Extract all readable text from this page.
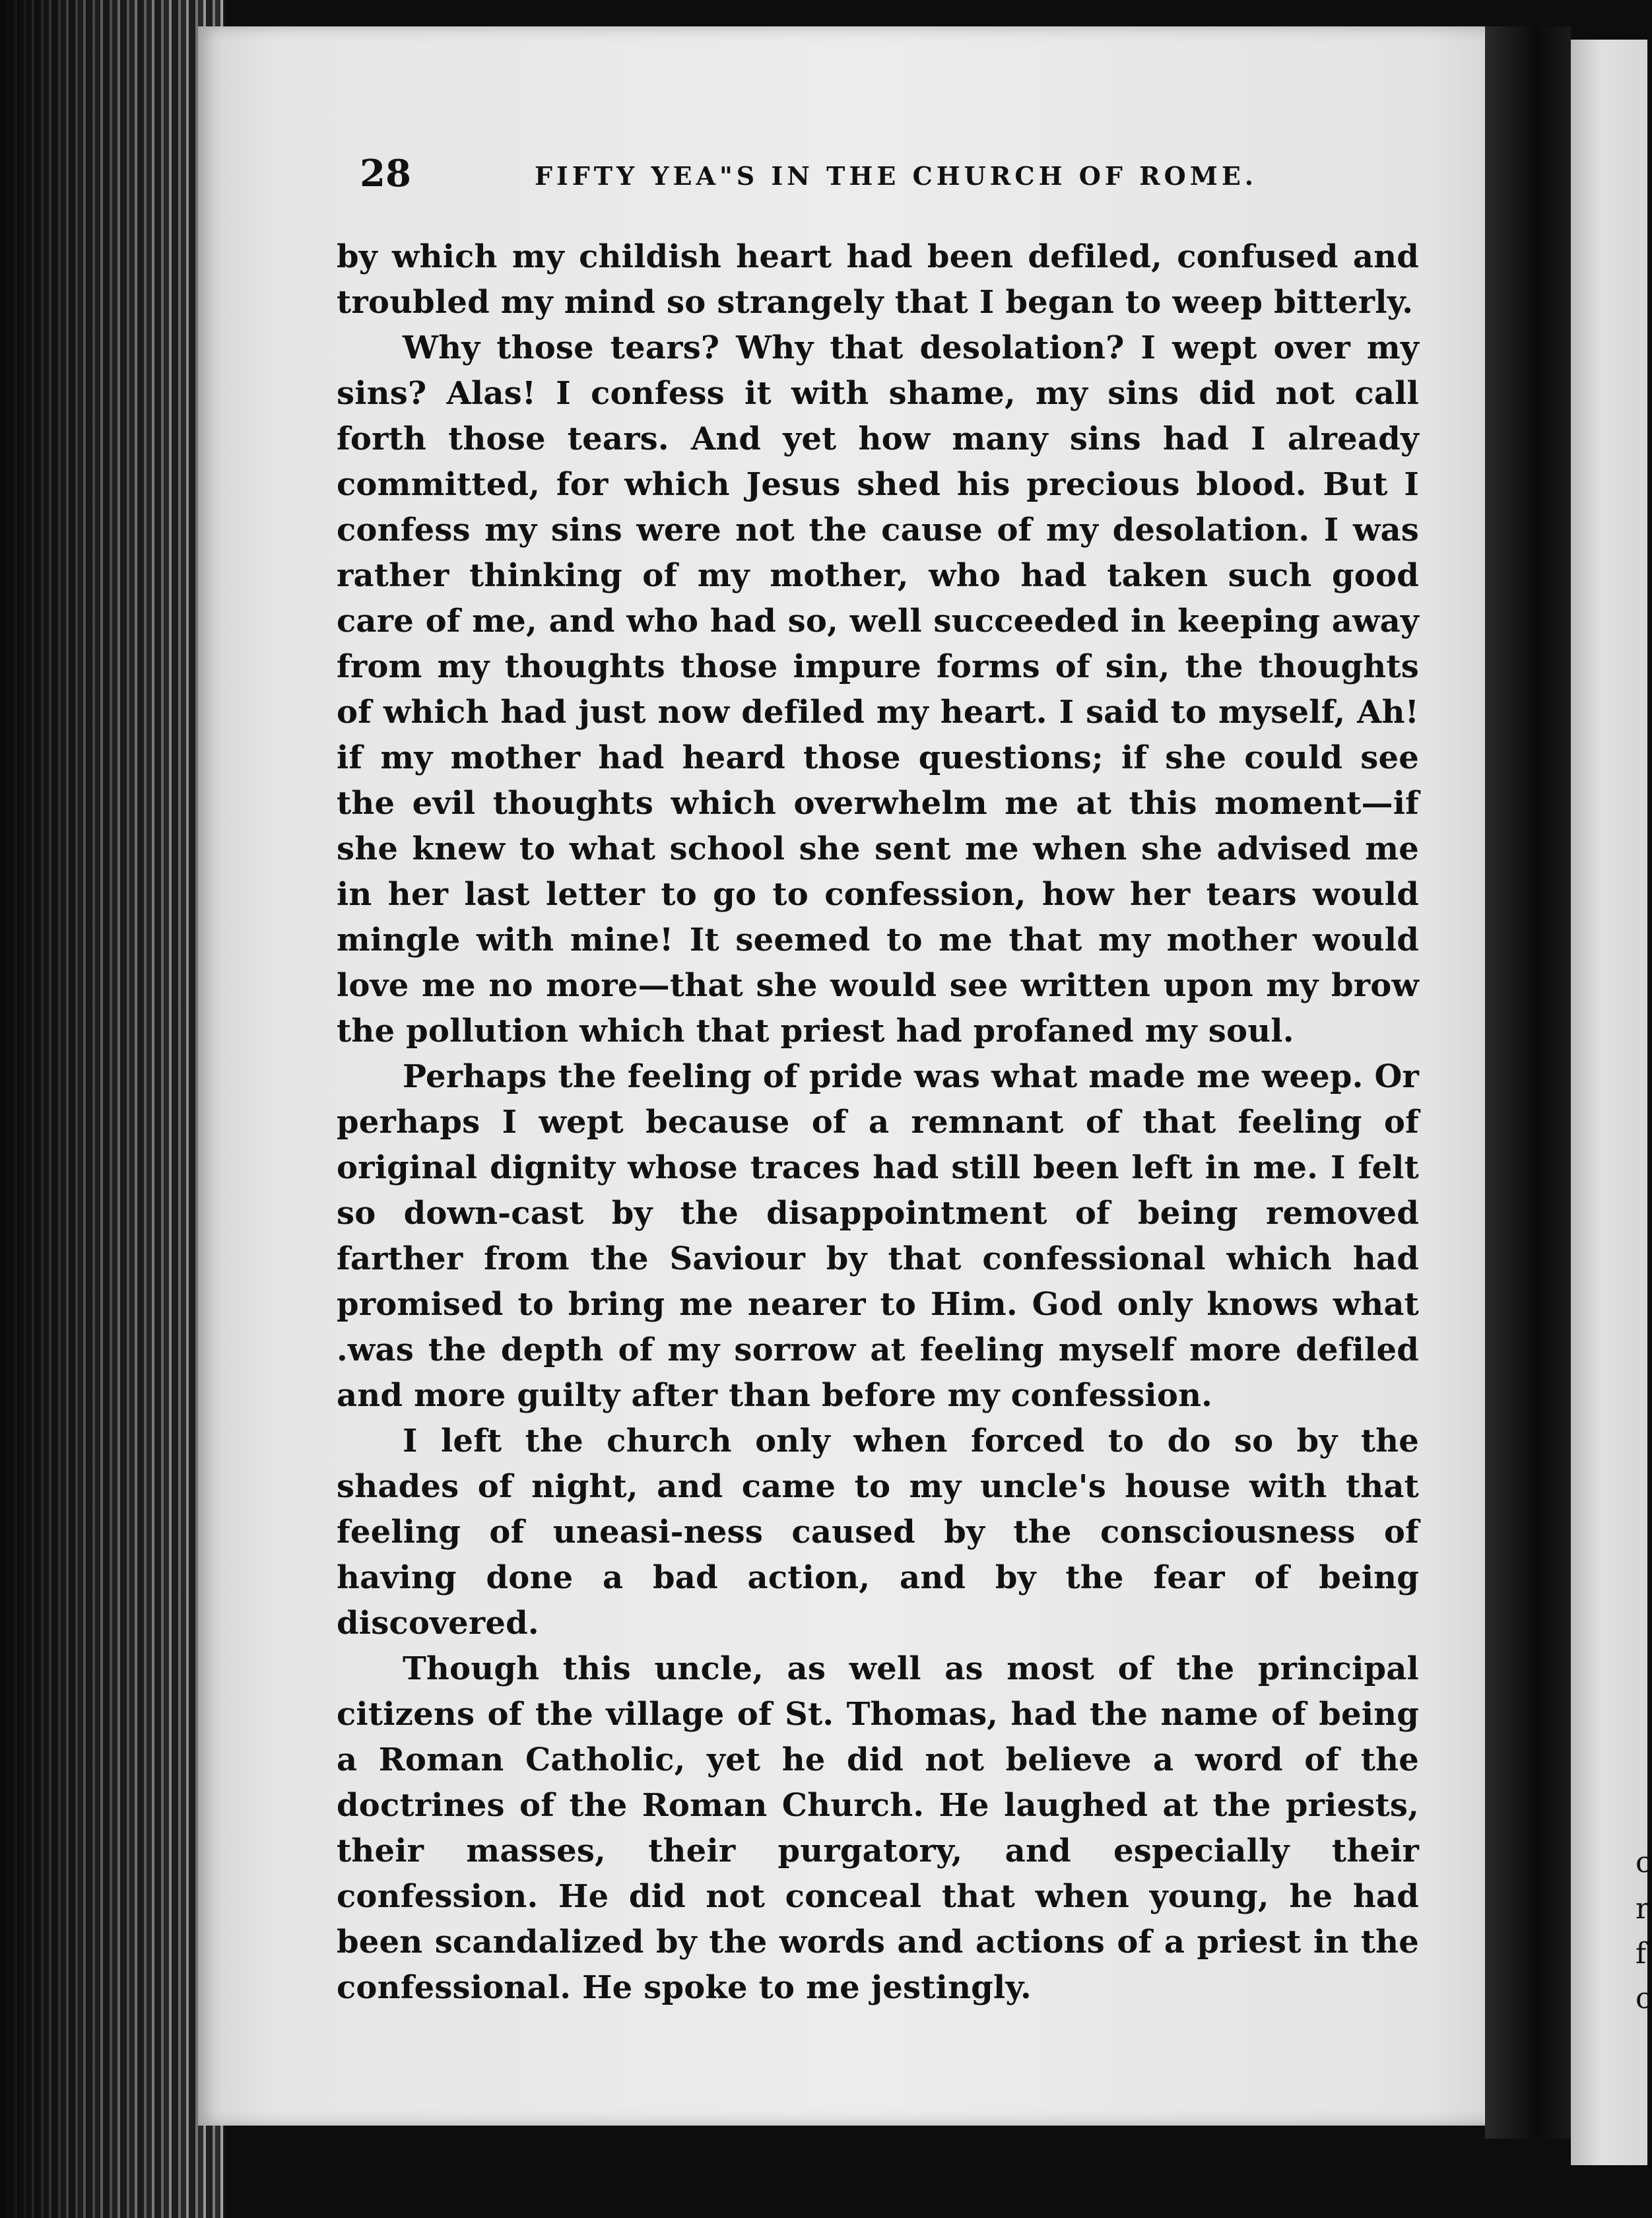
28	FIFTY YEA"S IN THE CHURCH OF ROME.

by which my childish heart had been defiled, confused and troubled my mind so strangely that I began to weep bitterly.

Why those tears? Why that desolation? I wept over my sins? Alas! I confess it with shame, my sins did not call forth those tears. And yet how many sins had I already committed, for which Jesus shed his precious blood. But I confess my sins were not the cause of my desolation. I was rather thinking of my mother, who had taken such good care of me, and who had so, well succeeded in keeping away from my thoughts those impure forms of sin, the thoughts of which had just now defiled my heart. I said to myself, Ah! if my mother had heard those questions; if she could see the evil thoughts which overwhelm me at this moment—if she knew to what school she sent me when she advised me in her last letter to go to confession, how her tears would mingle with mine! It seemed to me that my mother would love me no more—that she would see written upon my brow the pollution which that priest had profaned my soul.

Perhaps the feeling of pride was what made me weep. Or perhaps I wept because of a remnant of that feeling of original dignity whose traces had still been left in me. I felt so down-cast by the disappointment of being removed farther from the Saviour by that confessional which had promised to bring me nearer to Him. God only knows what .was the depth of my sorrow at feeling myself more defiled and more guilty after than before my confession.

I left the church only when forced to do so by the shades of night, and came to my uncle's house with that feeling of uneasi-ness caused by the consciousness of having done a bad action, and by the fear of being discovered.

Though this uncle, as well as most of the principal citizens of the village of St. Thomas, had the name of being a Roman Catholic, yet he did not believe a word of the doctrines of the Roman Church. He laughed at the priests, their masses, their purgatory, and especially their confession. He did not conceal that when young, he had been scandalized by the words and actions of a priest in the confessional. He spoke to me jestingly.

c
r
f
c
